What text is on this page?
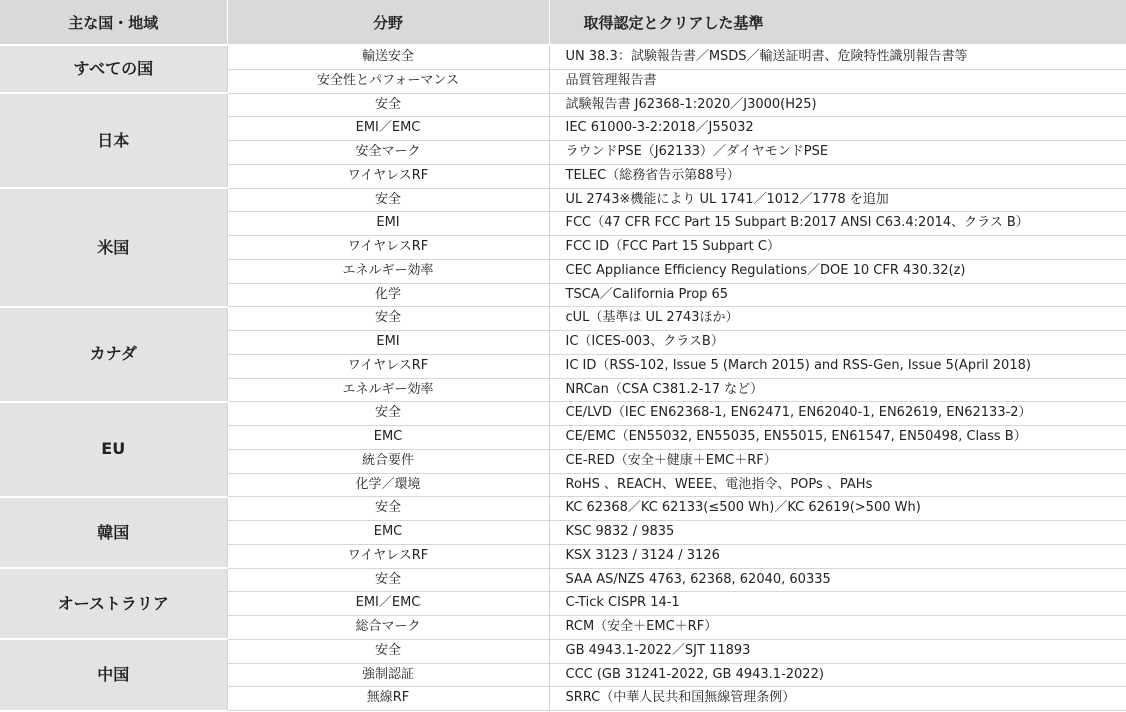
主な国・地域	分野	取得認定とクリアした基準
すべての国	輸送安全	UN 38.3：試験報告書／MSDS／輸送証明書、危険特性識別報告書等
	安全性とパフォーマンス	品質管理報告書
日本	安全	試験報告書 J62368-1:2020／J3000(H25)
	EMI／EMC	IEC 61000-3-2:2018／J55032
	安全マーク	ラウンドPSE（J62133）／ダイヤモンドPSE
	ワイヤレスRF	TELEC（総務省告示第88号）
米国	安全	UL 2743※機能により UL 1741／1012／1778 を追加
	EMI	FCC（47 CFR FCC Part 15 Subpart B:2017 ANSI C63.4:2014、クラス B）
	ワイヤレスRF	FCC ID（FCC Part 15 Subpart C）
	エネルギー効率	CEC Appliance Efficiency Regulations／DOE 10 CFR 430.32(z)
	化学	TSCA／California Prop 65
カナダ	安全	cUL（基準は UL 2743ほか）
	EMI	IC（ICES-003、クラスB）
	ワイヤレスRF	IC ID（RSS-102, Issue 5 (March 2015) and RSS-Gen, Issue 5(April 2018)
	エネルギー効率	NRCan（CSA C381.2-17 など）
EU	安全	CE/LVD（IEC EN62368-1, EN62471, EN62040-1, EN62619, EN62133-2）
	EMC	CE/EMC（EN55032, EN55035, EN55015, EN61547, EN50498, Class B）
	統合要件	CE-RED（安全＋健康＋EMC＋RF）
	化学／環境	RoHS 、REACH、WEEE、電池指令、POPs 、PAHs
韓国	安全	KC 62368／KC 62133(≤500 Wh)／KC 62619(>500 Wh)
	EMC	KSC 9832 / 9835
	ワイヤレスRF	KSX 3123 / 3124 / 3126
オーストラリア	安全	SAA AS/NZS 4763, 62368, 62040, 60335
	EMI／EMC	C-Tick CISPR 14-1
	総合マーク	RCM（安全＋EMC＋RF）
中国	安全	GB 4943.1-2022／SJT 11893
	強制認証	CCC (GB 31241-2022, GB 4943.1-2022)
	無線RF	SRRC（中華人民共和国無線管理条例）
